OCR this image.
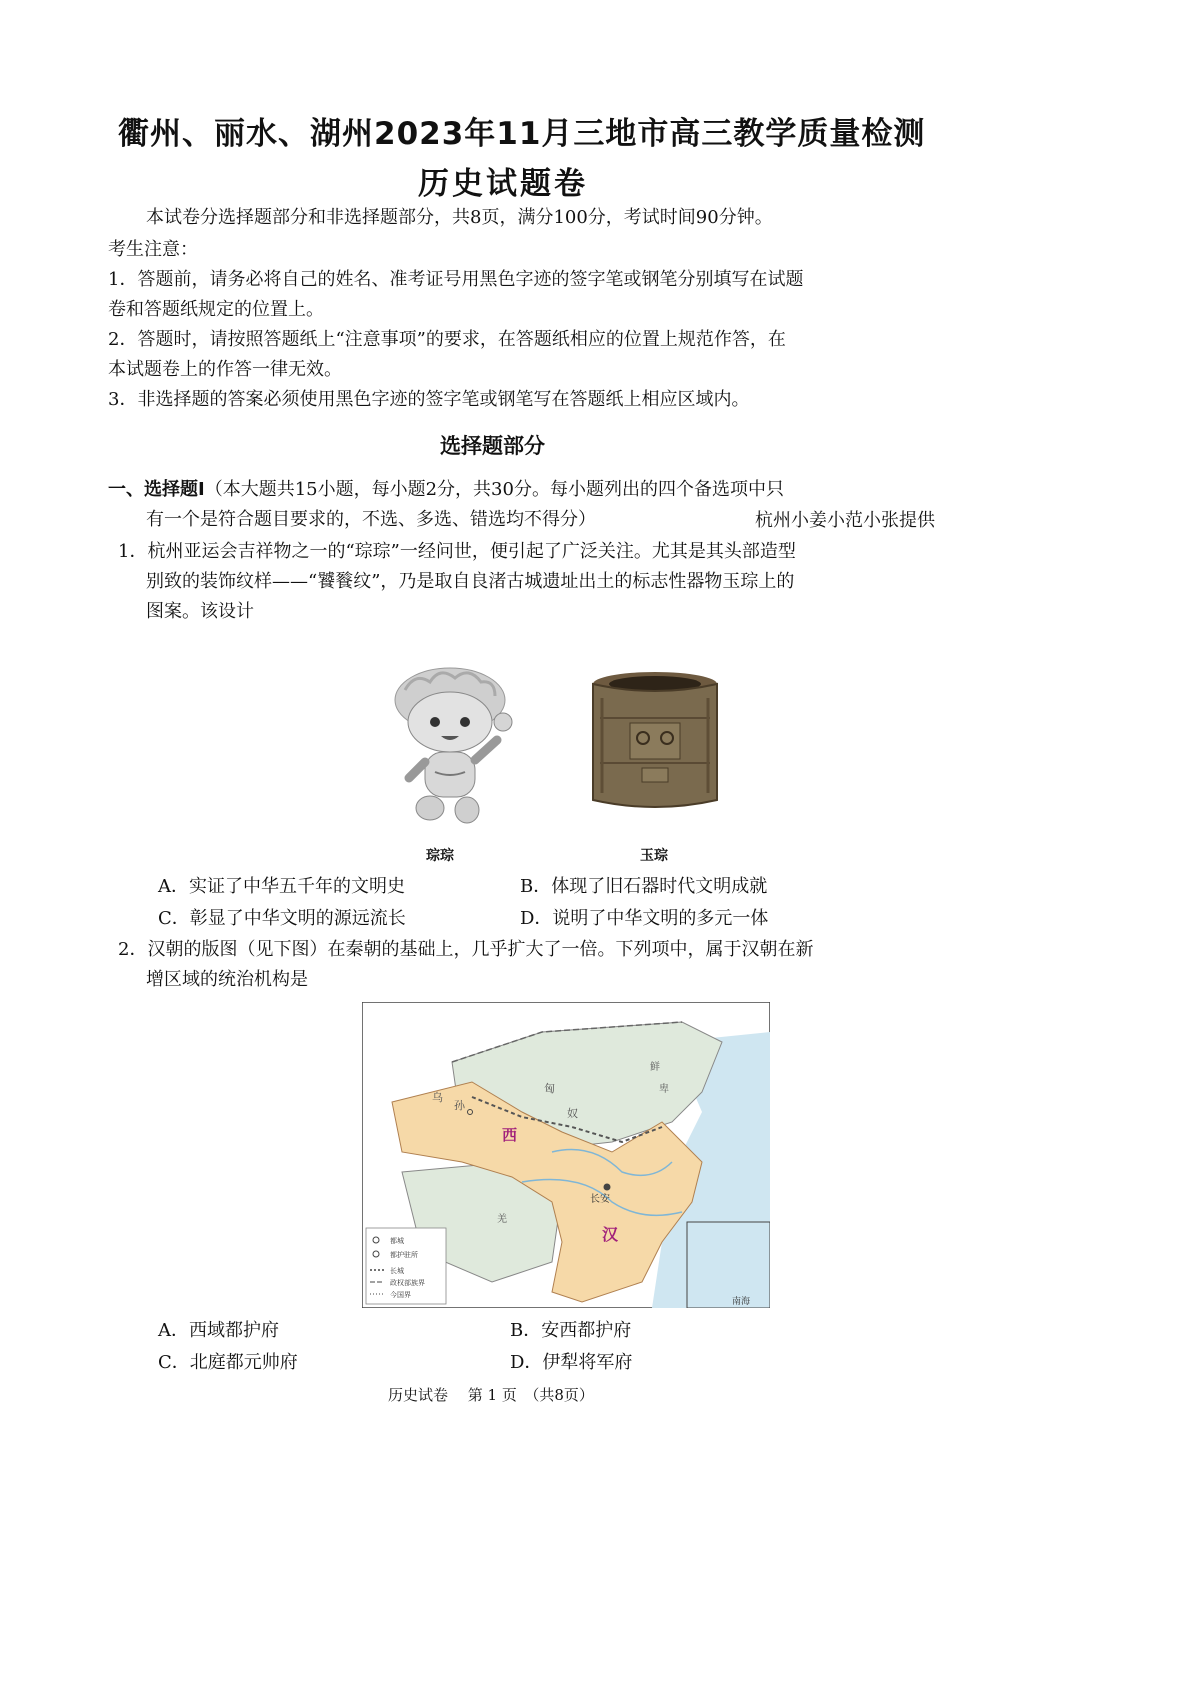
衢州、丽水、湖州2023年11月三地市高三教学质量检测
历史试题卷
本试卷分选择题部分和非选择题部分，共8页，满分100分，考试时间90分钟。
考生注意：
1．答题前，请务必将自己的姓名、准考证号用黑色字迹的签字笔或钢笔分别填写在试题
卷和答题纸规定的位置上。
2．答题时，请按照答题纸上“注意事项”的要求，在答题纸相应的位置上规范作答，在
本试题卷上的作答一律无效。
3．非选择题的答案必须使用黑色字迹的签字笔或钢笔写在答题纸上相应区域内。
选择题部分
一、选择题Ⅰ（本大题共15小题，每小题2分，共30分。每小题列出的四个备选项中只
有一个是符合题目要求的，不选、多选、错选均不得分）	杭州小姜小范小张提供
1．杭州亚运会吉祥物之一的“琮琮”一经问世，便引起了广泛关注。尤其是其头部造型
别致的装饰纹样——“饕餮纹”，乃是取自良渚古城遗址出土的标志性器物玉琮上的
图案。该设计
琮琮	玉琮
A．实证了中华五千年的文明史	B．体现了旧石器时代文明成就
C．彰显了中华文明的源远流长	D．说明了中华文明的多元一体
2．汉朝的版图（见下图）在秦朝的基础上，几乎扩大了一倍。下列项中，属于汉朝在新
增区域的统治机构是
乌
孙
西
匈
奴
鲜
卑
长安
汉
羌
南海
都城
都护驻所
长城
政权部族界
今国界
A．西域都护府	B．安西都护府
C．北庭都元帅府	D．伊犁将军府
历史试卷　 第 1 页　（共8页）
